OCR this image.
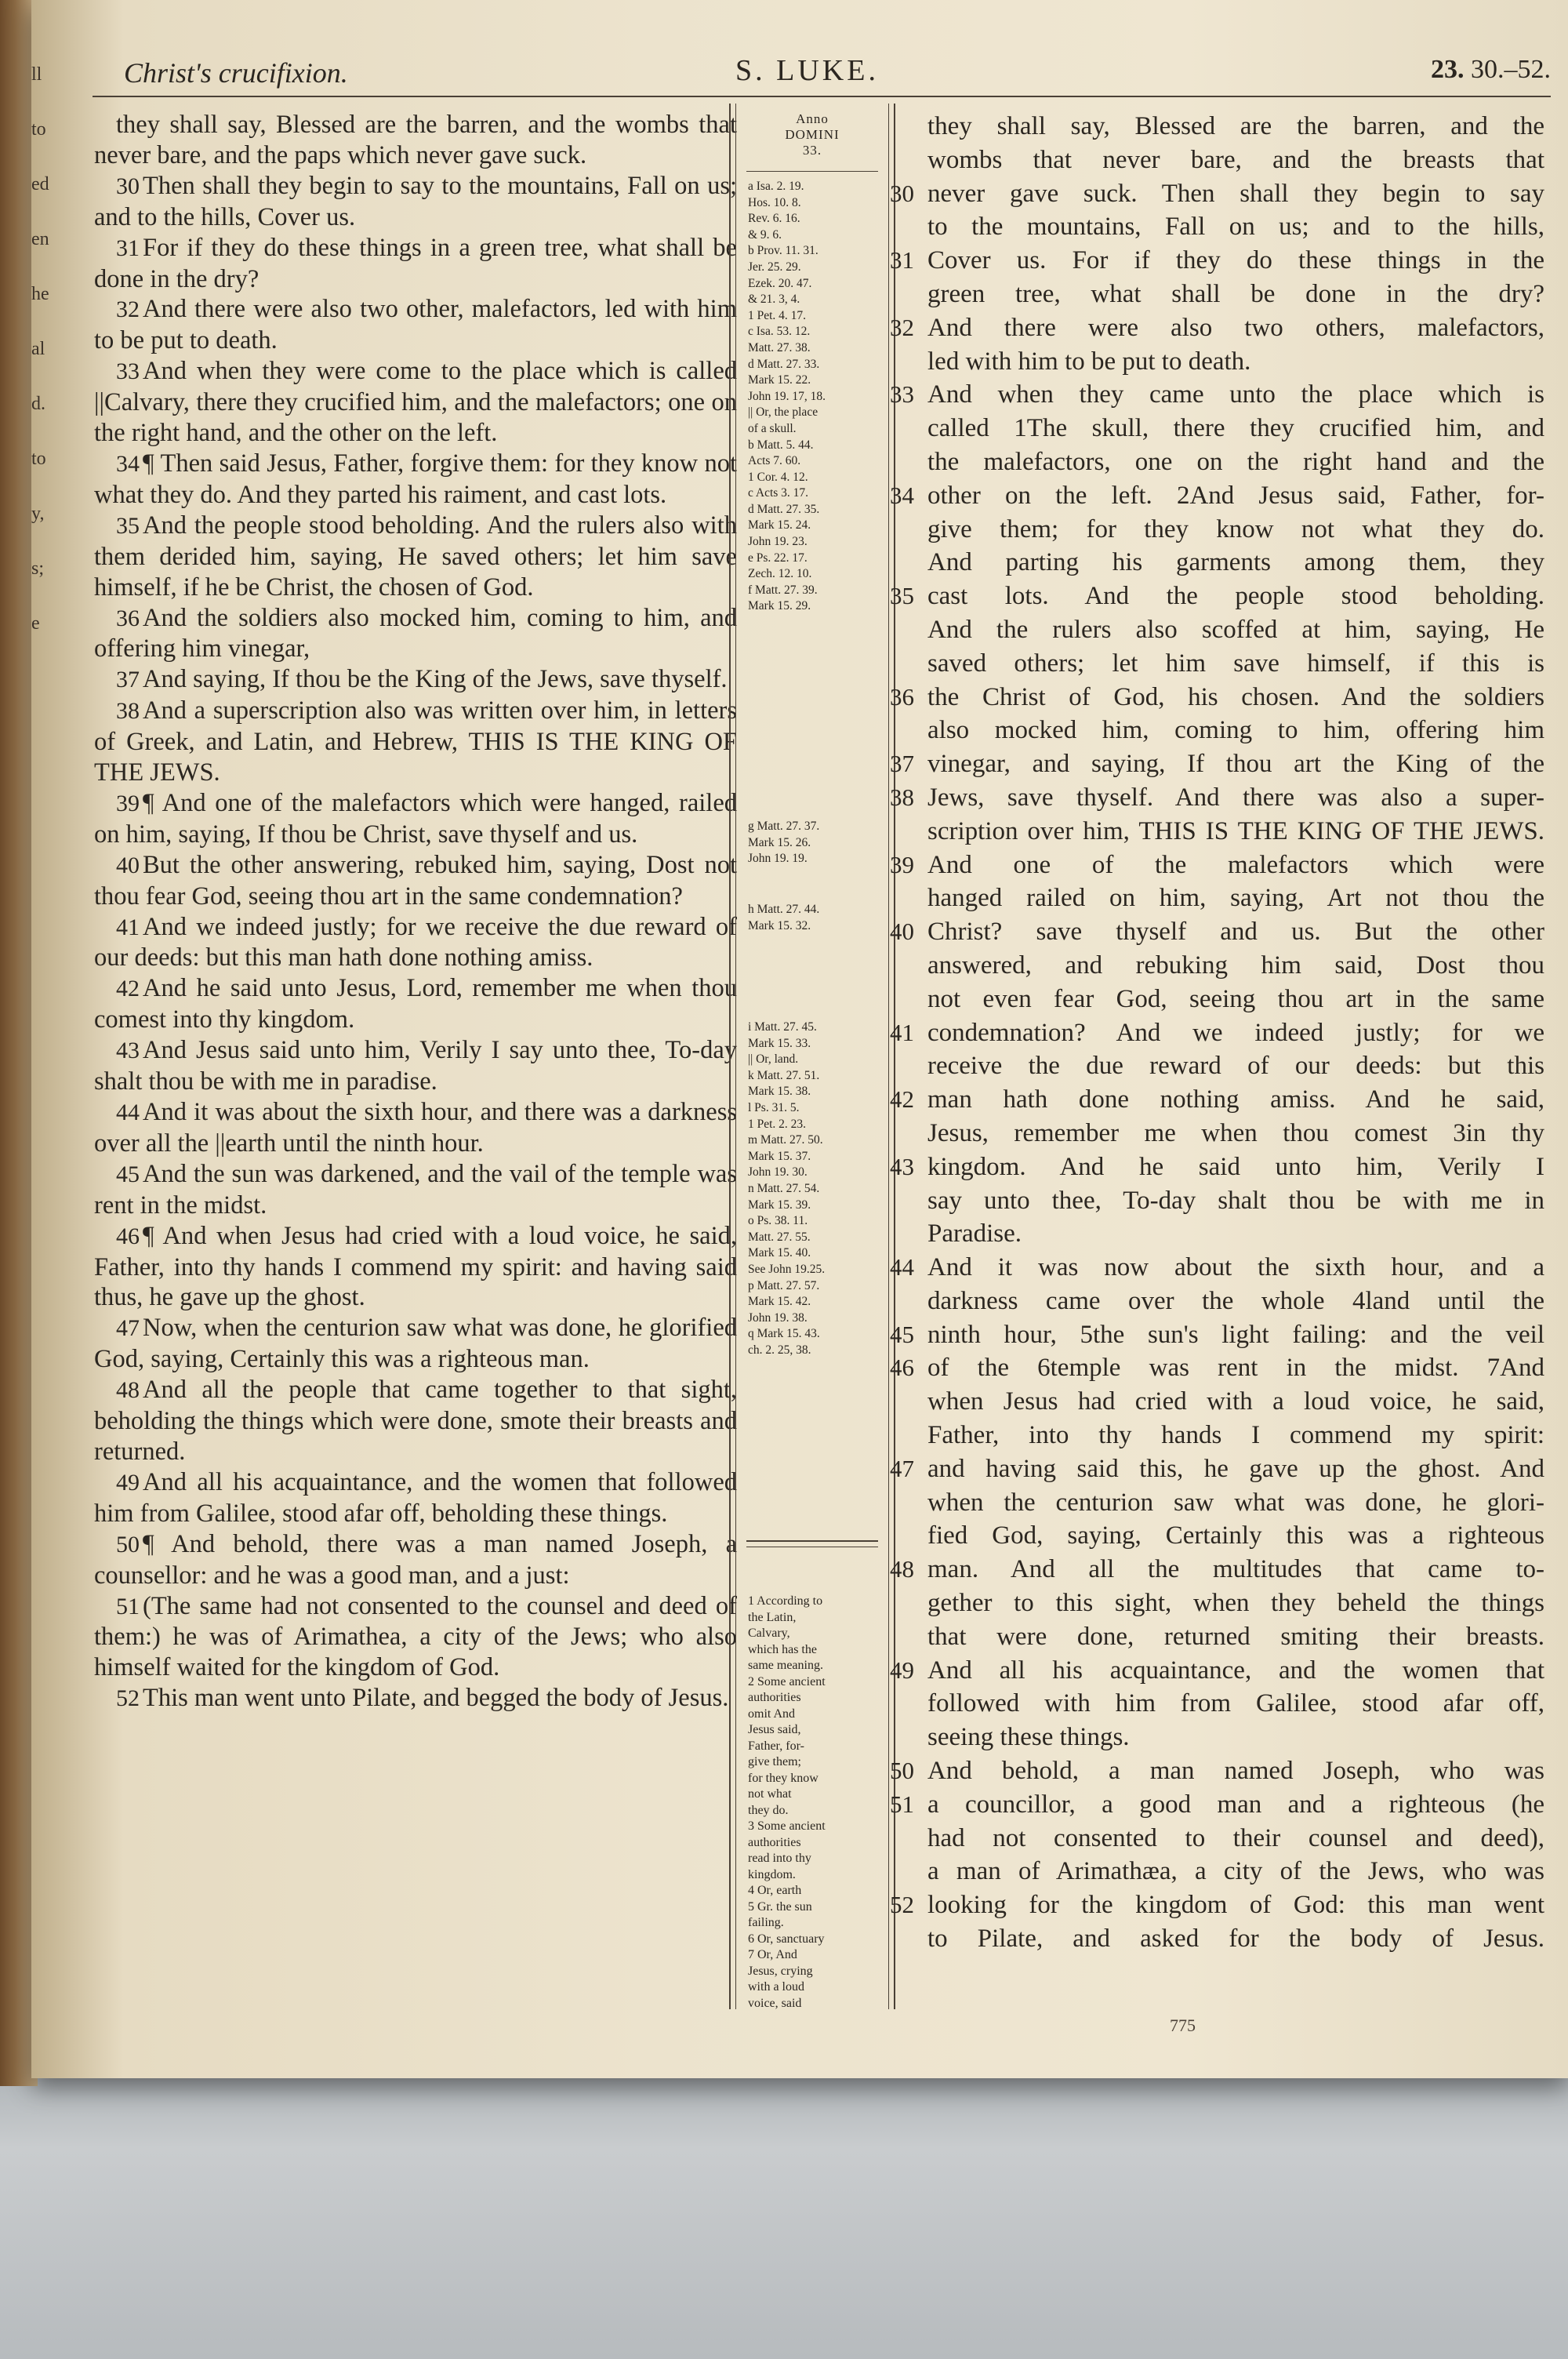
ll
to
ed
en
he
al
d.
to
y,
s;
e
Christ's crucifixion.	S. LUKE.	23. 30.–52.

they shall say, Blessed are the barren, and the wombs that never bare, and the paps which never gave suck.

30 Then shall they begin to say to the mountains, Fall on us; and to the hills, Cover us.

31 For if they do these things in a green tree, what shall be done in the dry?

32 And there were also two other, malefactors, led with him to be put to death.

33 And when they were come to the place which is called ||Calvary, there they crucified him, and the malefactors; one on the right hand, and the other on the left.

34 ¶ Then said Jesus, Father, forgive them: for they know not what they do. And they parted his raiment, and cast lots.

35 And the people stood beholding. And the rulers also with them derided him, saying, He saved others; let him save himself, if he be Christ, the chosen of God.

36 And the soldiers also mocked him, coming to him, and offering him vinegar,

37 And saying, If thou be the King of the Jews, save thyself.

38 And a superscription also was written over him, in letters of Greek, and Latin, and Hebrew, THIS IS THE KING OF THE JEWS.

39 ¶ And one of the malefactors which were hanged, railed on him, saying, If thou be Christ, save thyself and us.

40 But the other answering, rebuked him, saying, Dost not thou fear God, seeing thou art in the same condemnation?

41 And we indeed justly; for we receive the due reward of our deeds: but this man hath done nothing amiss.

42 And he said unto Jesus, Lord, remember me when thou comest into thy kingdom.

43 And Jesus said unto him, Verily I say unto thee, To-day shalt thou be with me in paradise.

44 And it was about the sixth hour, and there was a darkness over all the ||earth until the ninth hour.

45 And the sun was darkened, and the vail of the temple was rent in the midst.

46 ¶ And when Jesus had cried with a loud voice, he said, Father, into thy hands I commend my spirit: and having said thus, he gave up the ghost.

47 Now, when the centurion saw what was done, he glorified God, saying, Certainly this was a righteous man.

48 And all the people that came together to that sight, beholding the things which were done, smote their breasts and returned.

49 And all his acquaintance, and the women that followed him from Galilee, stood afar off, beholding these things.

50 ¶ And behold, there was a man named Joseph, a counsellor: and he was a good man, and a just:

51 (The same had not consented to the counsel and deed of them:) he was of Arimathea, a city of the Jews; who also himself waited for the kingdom of God.

52 This man went unto Pilate, and begged the body of Jesus.

Anno
DOMINI
33.
a Isa. 2. 19.
Hos. 10. 8.
Rev. 6. 16.
& 9. 6.
b Prov. 11. 31.
Jer. 25. 29.
Ezek. 20. 47.
& 21. 3, 4.
1 Pet. 4. 17.
c Isa. 53. 12.
Matt. 27. 38.
d Matt. 27. 33.
Mark 15. 22.
John 19. 17, 18.
|| Or, the place
of a skull.
b Matt. 5. 44.
Acts 7. 60.
1 Cor. 4. 12.
c Acts 3. 17.
d Matt. 27. 35.
Mark 15. 24.
John 19. 23.
e Ps. 22. 17.
Zech. 12. 10.
f Matt. 27. 39.
Mark 15. 29.
g Matt. 27. 37.
Mark 15. 26.
John 19. 19.
h Matt. 27. 44.
Mark 15. 32.
i Matt. 27. 45.
Mark 15. 33.
|| Or, land.
k Matt. 27. 51.
Mark 15. 38.
l Ps. 31. 5.
1 Pet. 2. 23.
m Matt. 27. 50.
Mark 15. 37.
John 19. 30.
n Matt. 27. 54.
Mark 15. 39.
o Ps. 38. 11.
Matt. 27. 55.
Mark 15. 40.
See John 19.25.
p Matt. 27. 57.
Mark 15. 42.
John 19. 38.
q Mark 15. 43.
ch. 2. 25, 38.
1 According to
the Latin,
Calvary,
which has the
same meaning.
2 Some ancient
authorities
omit And
Jesus said,
Father, for-
give them;
for they know
not what
they do.
3 Some ancient
authorities
read into thy
kingdom.
4 Or, earth
5 Gr. the sun
failing.
6 Or, sanctuary
7 Or, And
Jesus, crying
with a loud
voice, said
they shall say, Blessed are the barren, and the
wombs that never bare, and the breasts that
30 never gave suck. Then shall they begin to say
to the mountains, Fall on us; and to the hills,
31 Cover us. For if they do these things in the
green tree, what shall be done in the dry?
32 And there were also two others, malefactors,
led with him to be put to death.
33 And when they came unto the place which is
called 1The skull, there they crucified him, and
the malefactors, one on the right hand and the
34 other on the left. 2And Jesus said, Father, for-
give them; for they know not what they do.
And parting his garments among them, they
35 cast lots. And the people stood beholding.
And the rulers also scoffed at him, saying, He
saved others; let him save himself, if this is
36 the Christ of God, his chosen. And the soldiers
also mocked him, coming to him, offering him
37 vinegar, and saying, If thou art the King of the
38 Jews, save thyself. And there was also a super-
scription over him, THIS IS THE KING OF THE JEWS.
39 And one of the malefactors which were
hanged railed on him, saying, Art not thou the
40 Christ? save thyself and us. But the other
answered, and rebuking him said, Dost thou
not even fear God, seeing thou art in the same
41 condemnation? And we indeed justly; for we
receive the due reward of our deeds: but this
42 man hath done nothing amiss. And he said,
Jesus, remember me when thou comest 3in thy
43 kingdom. And he said unto him, Verily I
say unto thee, To-day shalt thou be with me in
Paradise.
44 And it was now about the sixth hour, and a
darkness came over the whole 4land until the
45 ninth hour, 5the sun's light failing: and the veil
46 of the 6temple was rent in the midst. 7And
when Jesus had cried with a loud voice, he said,
Father, into thy hands I commend my spirit:
47 and having said this, he gave up the ghost. And
when the centurion saw what was done, he glori-
fied God, saying, Certainly this was a righteous
48 man. And all the multitudes that came to-
gether to this sight, when they beheld the things
that were done, returned smiting their breasts.
49 And all his acquaintance, and the women that
followed with him from Galilee, stood afar off,
seeing these things.
50 And behold, a man named Joseph, who was
51 a councillor, a good man and a righteous (he
had not consented to their counsel and deed),
a man of Arimathæa, a city of the Jews, who was
52 looking for the kingdom of God: this man went
to Pilate, and asked for the body of Jesus.
775
